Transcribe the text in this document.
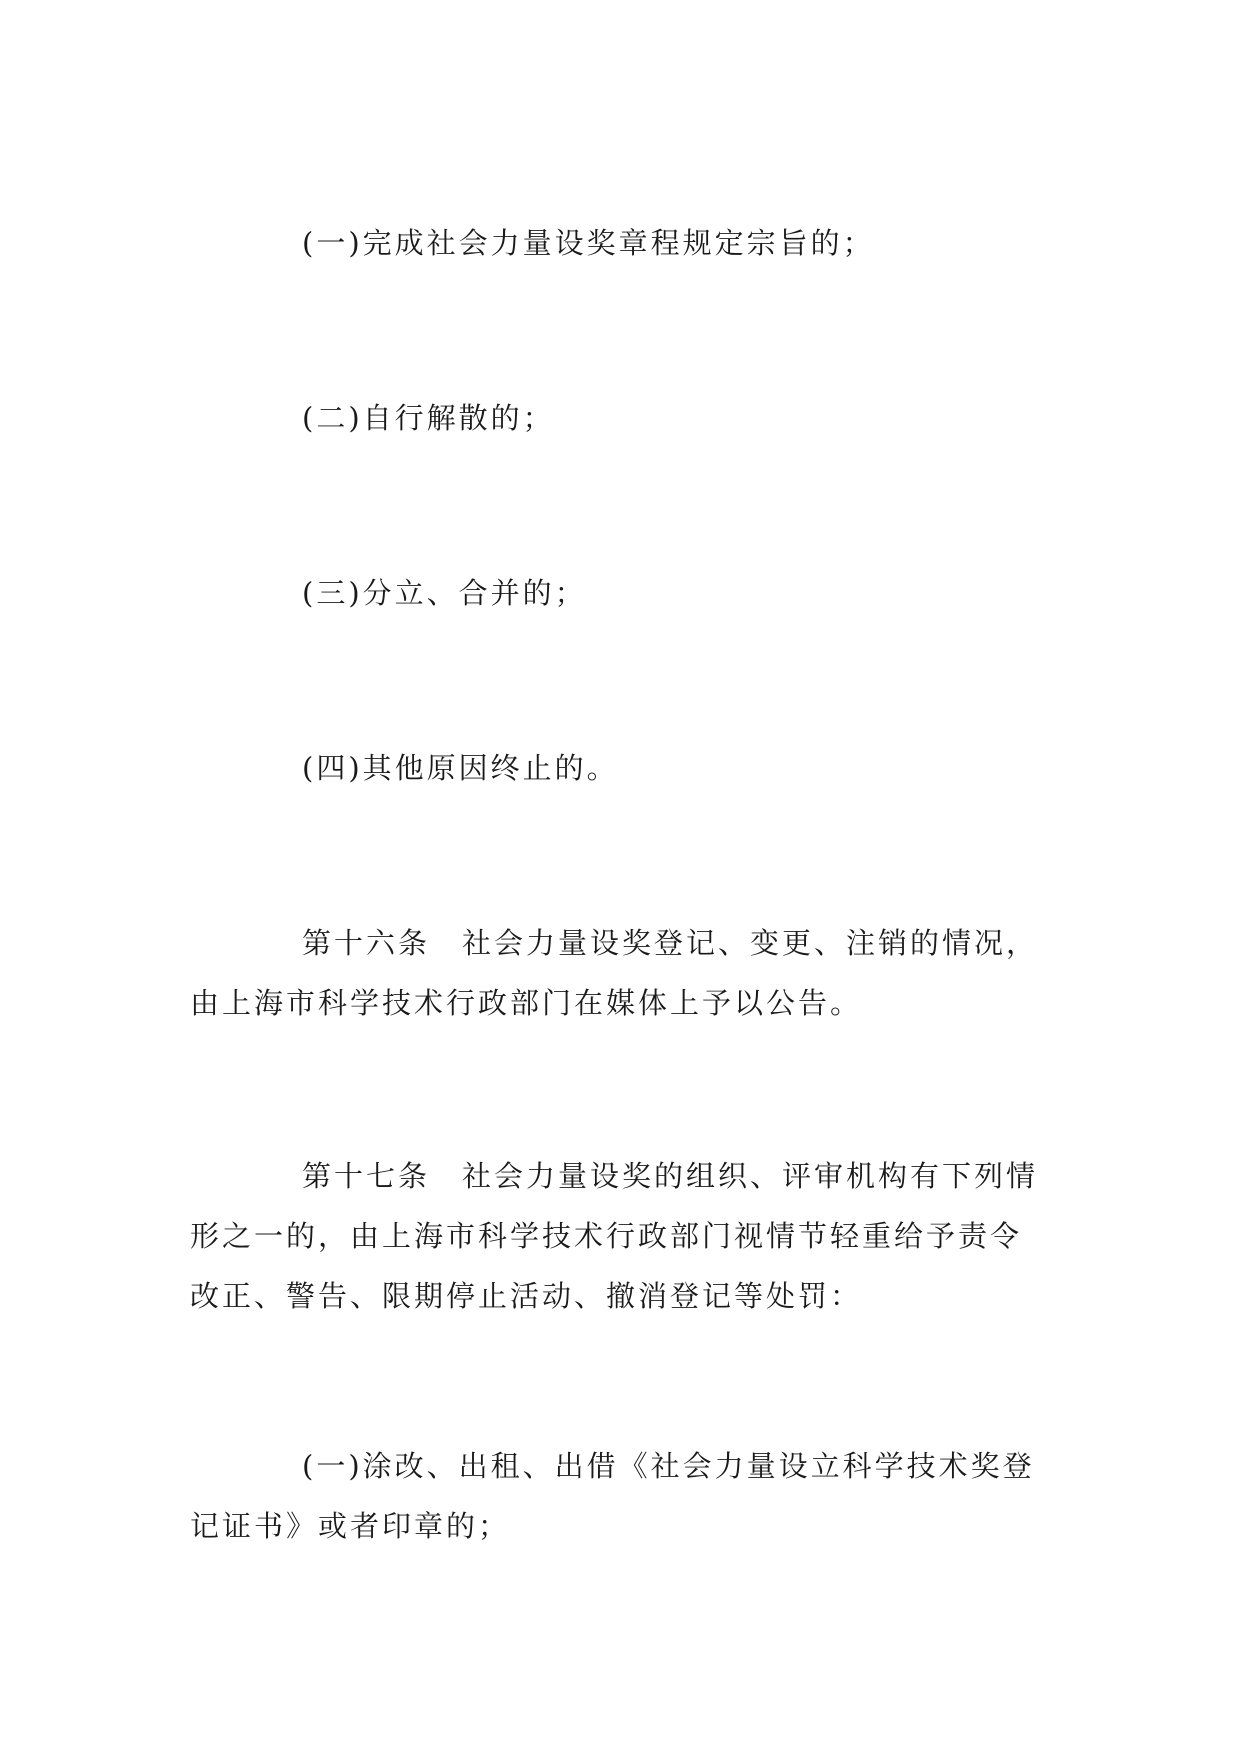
(一)完成社会力量设奖章程规定宗旨的；
(二)自行解散的；
(三)分立、合并的；
(四)其他原因终止的。
第十六条　社会力量设奖登记、变更、注销的情况，
由上海市科学技术行政部门在媒体上予以公告。
第十七条　社会力量设奖的组织、评审机构有下列情
形之一的，由上海市科学技术行政部门视情节轻重给予责令
改正、警告、限期停止活动、撤消登记等处罚：
(一)涂改、出租、出借《社会力量设立科学技术奖登
记证书》或者印章的；
